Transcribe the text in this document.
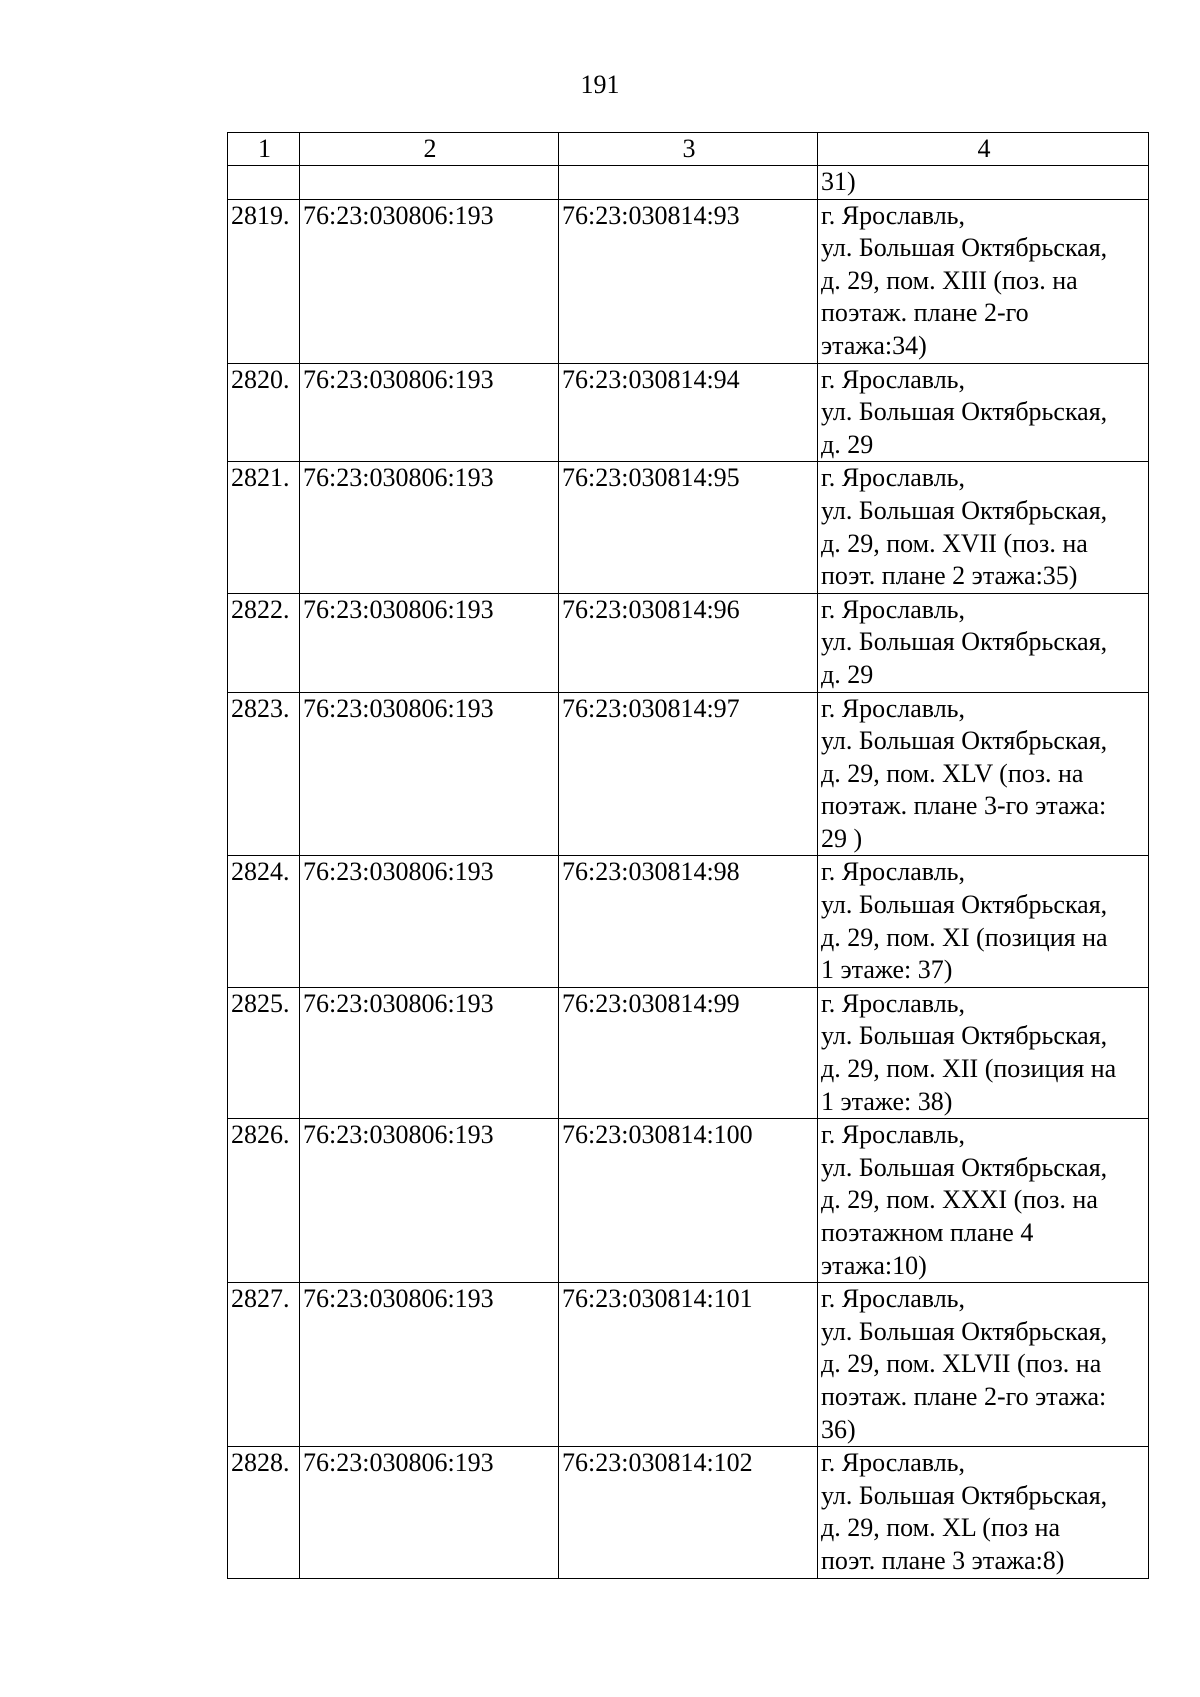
191
1	2	3	4
			31)
2819.	76:23:030806:193	76:23:030814:93	г. Ярославль,
ул. Большая Октябрьская,
д. 29, пом. XIII (поз. на
поэтаж. плане 2-го
этажа:34)
2820.	76:23:030806:193	76:23:030814:94	г. Ярославль,
ул. Большая Октябрьская,
д. 29
2821.	76:23:030806:193	76:23:030814:95	г. Ярославль,
ул. Большая Октябрьская,
д. 29, пом. XVII (поз. на
поэт. плане 2 этажа:35)
2822.	76:23:030806:193	76:23:030814:96	г. Ярославль,
ул. Большая Октябрьская,
д. 29
2823.	76:23:030806:193	76:23:030814:97	г. Ярославль,
ул. Большая Октябрьская,
д. 29, пом. XLV (поз. на
поэтаж. плане 3-го этажа:
29 )
2824.	76:23:030806:193	76:23:030814:98	г. Ярославль,
ул. Большая Октябрьская,
д. 29, пом. XI (позиция на
1 этаже: 37)
2825.	76:23:030806:193	76:23:030814:99	г. Ярославль,
ул. Большая Октябрьская,
д. 29, пом. XII (позиция на
1 этаже: 38)
2826.	76:23:030806:193	76:23:030814:100	г. Ярославль,
ул. Большая Октябрьская,
д. 29, пом. XXXI (поз. на
поэтажном плане 4
этажа:10)
2827.	76:23:030806:193	76:23:030814:101	г. Ярославль,
ул. Большая Октябрьская,
д. 29, пом. XLVII (поз. на
поэтаж. плане 2-го этажа:
36)
2828.	76:23:030806:193	76:23:030814:102	г. Ярославль,
ул. Большая Октябрьская,
д. 29, пом. XL (поз на
поэт. плане 3 этажа:8)
